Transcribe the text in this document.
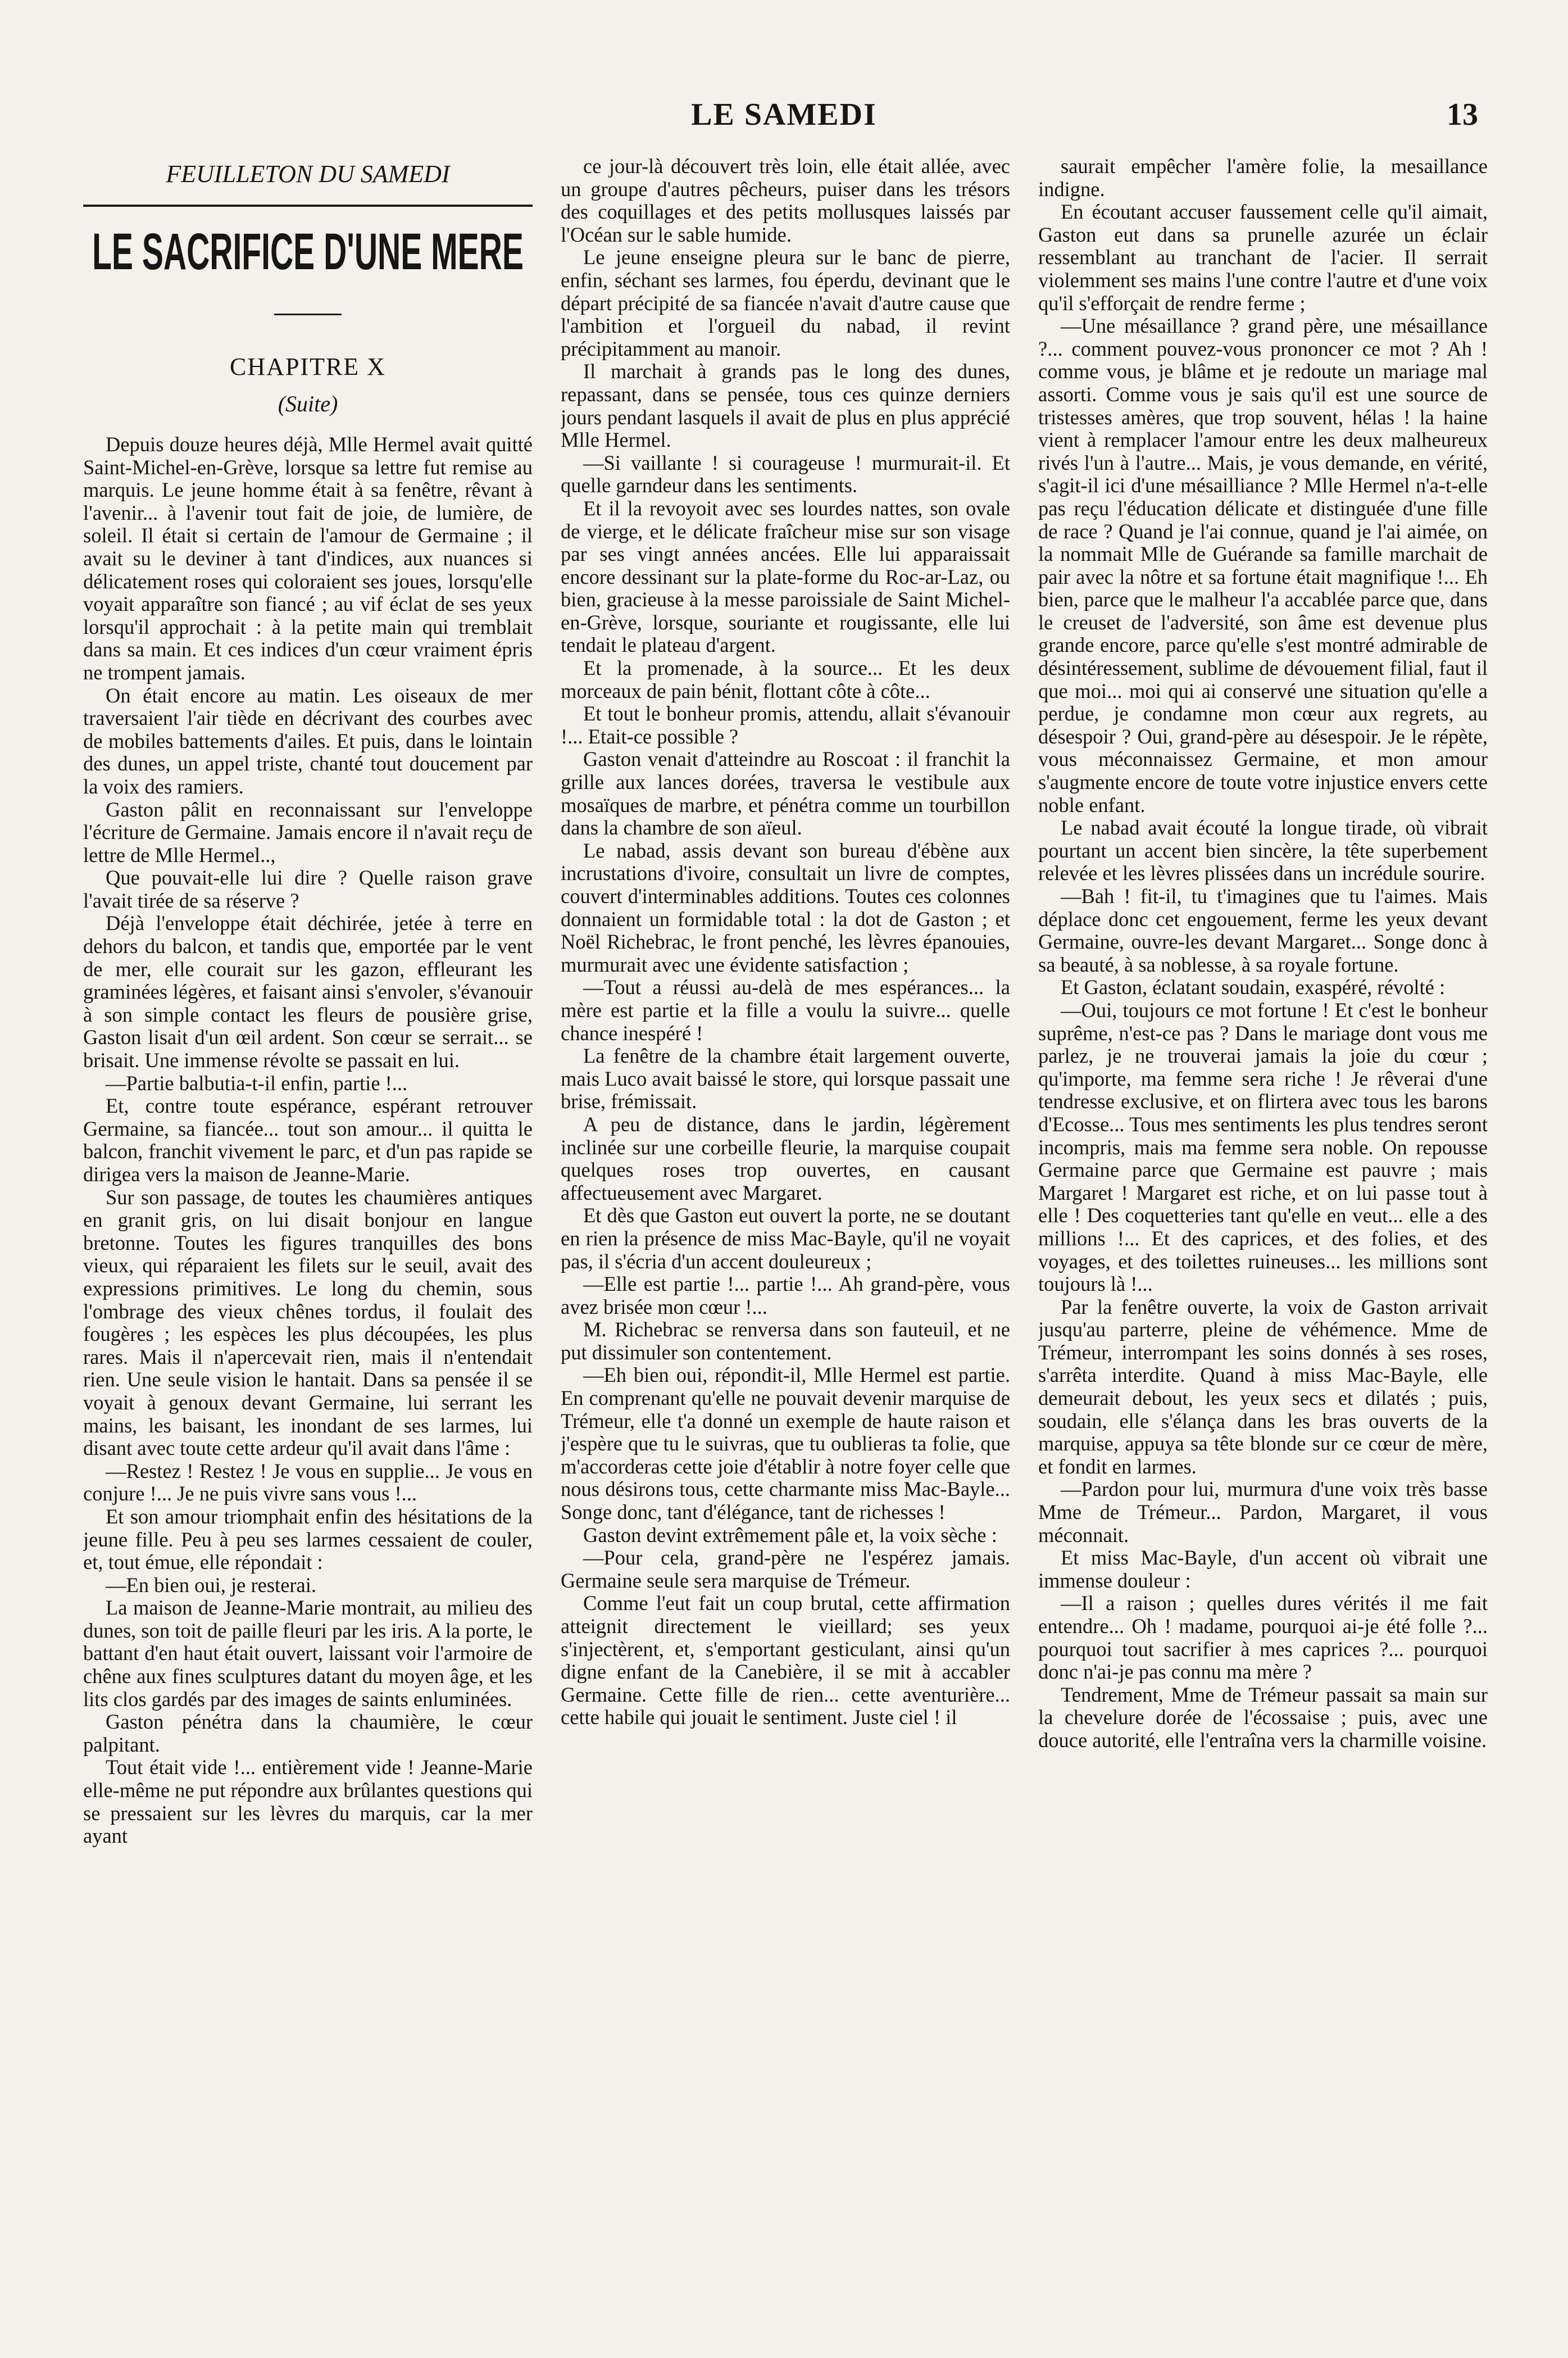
LE SAMEDI	13
FEUILLETON DU SAMEDI
LE SACRIFICE D'UNE MERE
CHAPITRE X
(Suite)

Depuis douze heures déjà, Mlle Hermel avait quitté Saint-Michel-en-Grève, lorsque sa lettre fut remise au marquis. Le jeune homme était à sa fenêtre, rêvant à l'avenir... à l'avenir tout fait de joie, de lumière, de soleil. Il était si certain de l'amour de Germaine ; il avait su le deviner à tant d'indices, aux nuances si délicatement roses qui coloraient ses joues, lorsqu'elle voyait apparaître son fiancé ; au vif éclat de ses yeux lorsqu'il approchait : à la petite main qui tremblait dans sa main. Et ces indices d'un cœur vraiment épris ne trompent jamais.

On était encore au matin. Les oiseaux de mer traversaient l'air tiède en décrivant des courbes avec de mobiles battements d'ailes. Et puis, dans le lointain des dunes, un appel triste, chanté tout doucement par la voix des ramiers.

Gaston pâlit en reconnaissant sur l'enveloppe l'écriture de Germaine. Jamais encore il n'avait reçu de lettre de Mlle Hermel..,

Que pouvait-elle lui dire ? Quelle raison grave l'avait tirée de sa réserve ?

Déjà l'enveloppe était déchirée, jetée à terre en dehors du balcon, et tandis que, emportée par le vent de mer, elle courait sur les gazon, effleurant les graminées légères, et faisant ainsi s'envoler, s'évanouir à son simple contact les fleurs de pousière grise, Gaston lisait d'un œil ardent. Son cœur se serrait... se brisait. Une immense révolte se passait en lui.

—Partie balbutia-t-il enfin, partie !...

Et, contre toute espérance, espérant retrouver Germaine, sa fiancée... tout son amour... il quitta le balcon, franchit vivement le parc, et d'un pas rapide se dirigea vers la maison de Jeanne-Marie.

Sur son passage, de toutes les chaumières antiques en granit gris, on lui disait bonjour en langue bretonne. Toutes les figures tranquilles des bons vieux, qui réparaient les filets sur le seuil, avait des expressions primitives. Le long du chemin, sous l'ombrage des vieux chênes tordus, il foulait des fougères ; les espèces les plus découpées, les plus rares. Mais il n'apercevait rien, mais il n'entendait rien. Une seule vision le hantait. Dans sa pensée il se voyait à genoux devant Germaine, lui serrant les mains, les baisant, les inondant de ses larmes, lui disant avec toute cette ardeur qu'il avait dans l'âme :

—Restez ! Restez ! Je vous en supplie... Je vous en conjure !... Je ne puis vivre sans vous !...

Et son amour triomphait enfin des hésitations de la jeune fille. Peu à peu ses larmes cessaient de couler, et, tout émue, elle répondait :

—En bien oui, je resterai.

La maison de Jeanne-Marie montrait, au milieu des dunes, son toit de paille fleuri par les iris. A la porte, le battant d'en haut était ouvert, laissant voir l'armoire de chêne aux fines sculptures datant du moyen âge, et les lits clos gardés par des images de saints enluminées.

Gaston pénétra dans la chaumière, le cœur palpitant.

Tout était vide !... entièrement vide ! Jeanne-Marie elle-même ne put répondre aux brûlantes questions qui se pressaient sur les lèvres du marquis, car la mer ayant

ce jour-là découvert très loin, elle était allée, avec un groupe d'autres pêcheurs, puiser dans les trésors des coquillages et des petits mollusques laissés par l'Océan sur le sable humide.

Le jeune enseigne pleura sur le banc de pierre, enfin, séchant ses larmes, fou éperdu, devinant que le départ précipité de sa fiancée n'avait d'autre cause que l'ambition et l'orgueil du nabad, il revint précipitamment au manoir.

Il marchait à grands pas le long des dunes, repassant, dans se pensée, tous ces quinze derniers jours pendant lasquels il avait de plus en plus apprécié Mlle Hermel.

—Si vaillante ! si courageuse ! murmurait-il. Et quelle garndeur dans les sentiments.

Et il la revoyoit avec ses lourdes nattes, son ovale de vierge, et le délicate fraîcheur mise sur son visage par ses vingt années ancées. Elle lui apparaissait encore dessinant sur la plate-forme du Roc-ar-Laz, ou bien, gracieuse à la messe paroissiale de Saint Michel-en-Grève, lorsque, souriante et rougissante, elle lui tendait le plateau d'argent.

Et la promenade, à la source... Et les deux morceaux de pain bénit, flottant côte à côte...

Et tout le bonheur promis, attendu, allait s'évanouir !... Etait-ce possible ?

Gaston venait d'atteindre au Roscoat : il franchit la grille aux lances dorées, traversa le vestibule aux mosaïques de marbre, et pénétra comme un tourbillon dans la chambre de son aïeul.

Le nabad, assis devant son bureau d'ébène aux incrustations d'ivoire, consultait un livre de comptes, couvert d'interminables additions. Toutes ces colonnes donnaient un formidable total : la dot de Gaston ; et Noël Richebrac, le front penché, les lèvres épanouies, murmurait avec une évidente satisfaction ;

—Tout a réussi au-delà de mes espérances... la mère est partie et la fille a voulu la suivre... quelle chance inespéré !

La fenêtre de la chambre était largement ouverte, mais Luco avait baissé le store, qui lorsque passait une brise, frémissait.

A peu de distance, dans le jardin, légèrement inclinée sur une corbeille fleurie, la marquise coupait quelques roses trop ouvertes, en causant affectueusement avec Margaret.

Et dès que Gaston eut ouvert la porte, ne se doutant en rien la présence de miss Mac-Bayle, qu'il ne voyait pas, il s'écria d'un accent douleureux ;

—Elle est partie !... partie !... Ah grand-père, vous avez brisée mon cœur !...

M. Richebrac se renversa dans son fauteuil, et ne put dissimuler son contentement.

—Eh bien oui, répondit-il, Mlle Hermel est partie. En comprenant qu'elle ne pouvait devenir marquise de Trémeur, elle t'a donné un exemple de haute raison et j'espère que tu le suivras, que tu oublieras ta folie, que m'accorderas cette joie d'établir à notre foyer celle que nous désirons tous, cette charmante miss Mac-Bayle... Songe donc, tant d'élégance, tant de richesses !

Gaston devint extrêmement pâle et, la voix sèche :

—Pour cela, grand-père ne l'espérez jamais. Germaine seule sera marquise de Trémeur.

Comme l'eut fait un coup brutal, cette affirmation atteignit directement le vieillard; ses yeux s'injectèrent, et, s'emportant gesticulant, ainsi qu'un digne enfant de la Canebière, il se mit à accabler Germaine. Cette fille de rien... cette aventurière... cette habile qui jouait le sentiment. Juste ciel ! il

saurait empêcher l'amère folie, la mesaillance indigne.

En écoutant accuser faussement celle qu'il aimait, Gaston eut dans sa prunelle azurée un éclair ressemblant au tranchant de l'acier. Il serrait violemment ses mains l'une contre l'autre et d'une voix qu'il s'efforçait de rendre ferme ;

—Une mésaillance ? grand père, une mésaillance ?... comment pouvez-vous prononcer ce mot ? Ah ! comme vous, je blâme et je redoute un mariage mal assorti. Comme vous je sais qu'il est une source de tristesses amères, que trop souvent, hélas ! la haine vient à remplacer l'amour entre les deux malheureux rivés l'un à l'autre... Mais, je vous demande, en vérité, s'agit-il ici d'une mésailliance ? Mlle Hermel n'a-t-elle pas reçu l'éducation délicate et distinguée d'une fille de race ? Quand je l'ai connue, quand je l'ai aimée, on la nommait Mlle de Guérande sa famille marchait de pair avec la nôtre et sa fortune était magnifique !... Eh bien, parce que le malheur l'a accablée parce que, dans le creuset de l'adversité, son âme est devenue plus grande encore, parce qu'elle s'est montré admirable de désintéressement, sublime de dévouement filial, faut il que moi... moi qui ai conservé une situation qu'elle a perdue, je condamne mon cœur aux regrets, au désespoir ? Oui, grand-père au désespoir. Je le répète, vous méconnaissez Germaine, et mon amour s'augmente encore de toute votre injustice envers cette noble enfant.

Le nabad avait écouté la longue tirade, où vibrait pourtant un accent bien sincère, la tête superbement relevée et les lèvres plissées dans un incrédule sourire.

—Bah ! fit-il, tu t'imagines que tu l'aimes. Mais déplace donc cet engouement, ferme les yeux devant Germaine, ouvre-les devant Margaret... Songe donc à sa beauté, à sa noblesse, à sa royale fortune.

Et Gaston, éclatant soudain, exaspéré, révolté :

—Oui, toujours ce mot fortune ! Et c'est le bonheur suprême, n'est-ce pas ? Dans le mariage dont vous me parlez, je ne trouverai jamais la joie du cœur ; qu'importe, ma femme sera riche ! Je rêverai d'une tendresse exclusive, et on flirtera avec tous les barons d'Ecosse... Tous mes sentiments les plus tendres seront incompris, mais ma femme sera noble. On repousse Germaine parce que Germaine est pauvre ; mais Margaret ! Margaret est riche, et on lui passe tout à elle ! Des coquetteries tant qu'elle en veut... elle a des millions !... Et des caprices, et des folies, et des voyages, et des toilettes ruineuses... les millions sont toujours là !...

Par la fenêtre ouverte, la voix de Gaston arrivait jusqu'au parterre, pleine de véhémence. Mme de Trémeur, interrompant les soins donnés à ses roses, s'arrêta interdite. Quand à miss Mac-Bayle, elle demeurait debout, les yeux secs et dilatés ; puis, soudain, elle s'élança dans les bras ouverts de la marquise, appuya sa tête blonde sur ce cœur de mère, et fondit en larmes.

—Pardon pour lui, murmura d'une voix très basse Mme de Trémeur... Pardon, Margaret, il vous méconnait.

Et miss Mac-Bayle, d'un accent où vibrait une immense douleur :

—Il a raison ; quelles dures vérités il me fait entendre... Oh ! madame, pourquoi ai-je été folle ?... pourquoi tout sacrifier à mes caprices ?... pourquoi donc n'ai-je pas connu ma mère ?

Tendrement, Mme de Trémeur passait sa main sur la chevelure dorée de l'écossaise ; puis, avec une douce autorité, elle l'entraîna vers la charmille voisine.
